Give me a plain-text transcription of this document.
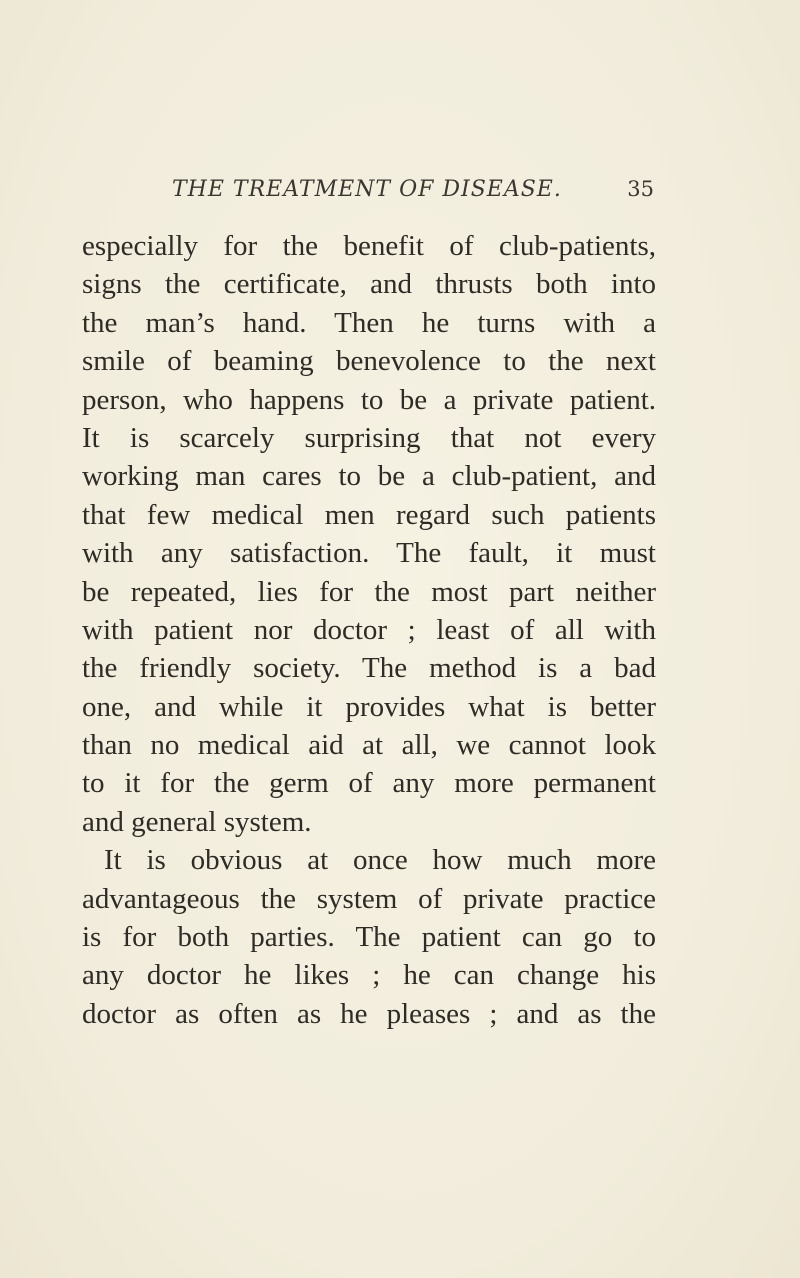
THE TREATMENT OF DISEASE.	35
especially for the benefit of club-patients,
signs the certificate, and thrusts both into
the man’s hand. Then he turns with a
smile of beaming benevolence to the next
person, who happens to be a private patient.
It is scarcely surprising that not every
working man cares to be a club-patient, and
that few medical men regard such patients
with any satisfaction. The fault, it must
be repeated, lies for the most part neither
with patient nor doctor ; least of all with
the friendly society. The method is a bad
one, and while it provides what is better
than no medical aid at all, we cannot look
to it for the germ of any more permanent
and general system.
It is obvious at once how much more
advantageous the system of private practice
is for both parties. The patient can go to
any doctor he likes ; he can change his
doctor as often as he pleases ; and as the
